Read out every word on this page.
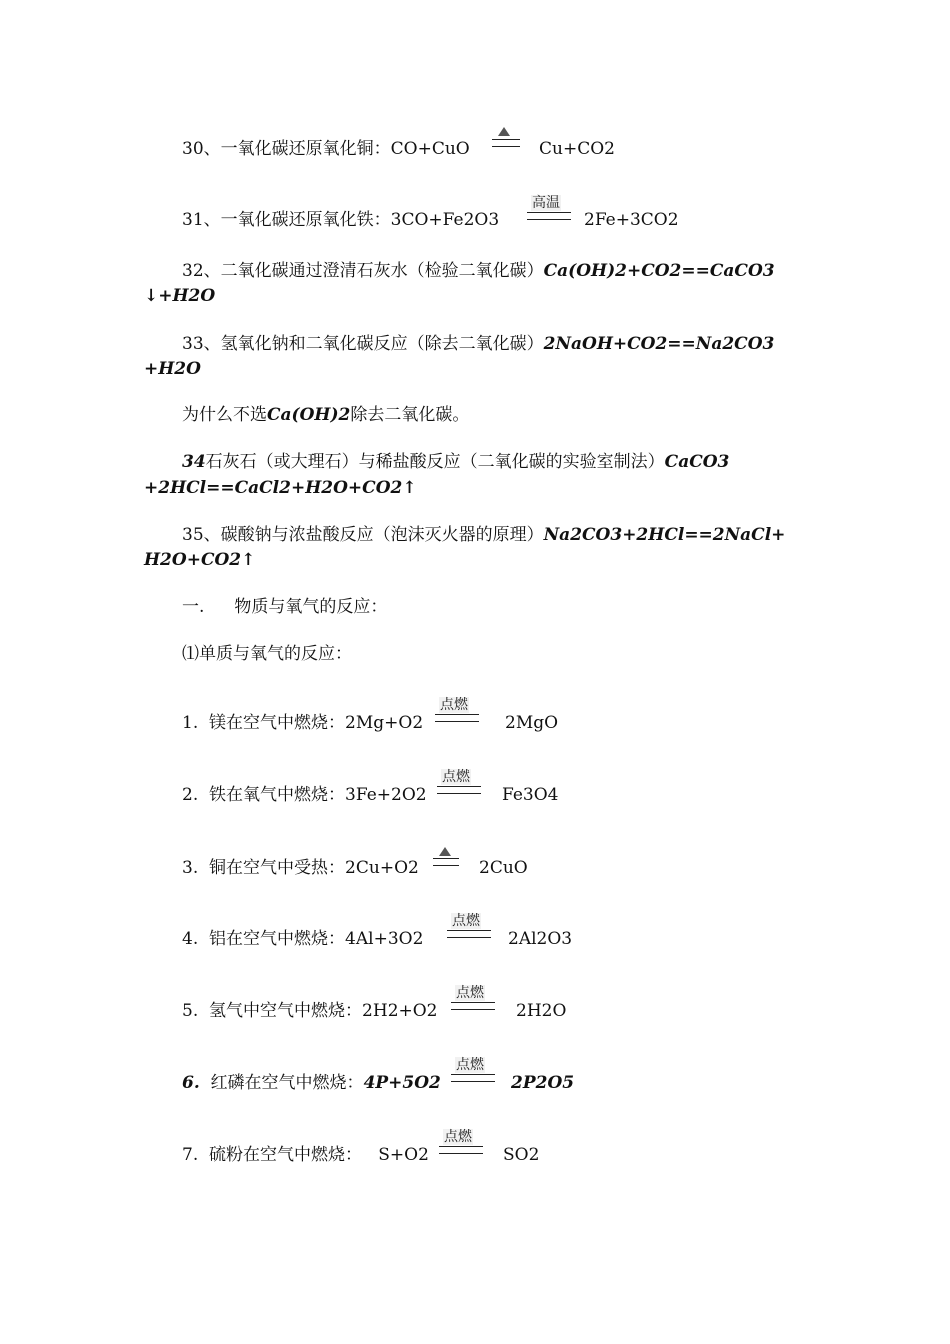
30、一氧化碳还原氧化铜：CO+CuO	Cu+CO2
31、一氧化碳还原氧化铁：3CO+Fe2O3
高温
2Fe+3CO2
32、二氧化碳通过澄清石灰水（检验二氧化碳）Ca(OH)2+CO2==CaCO3
↓+H2O
33、氢氧化钠和二氧化碳反应（除去二氧化碳）2NaOH+CO2==Na2CO3
+H2O
为什么不选Ca(OH)2除去二氧化碳。
34石灰石（或大理石）与稀盐酸反应（二氧化碳的实验室制法）CaCO3
+2HCl==CaCl2+H2O+CO2↑
35、碳酸钠与浓盐酸反应（泡沫灭火器的原理）Na2CO3+2HCl==2NaCl+
H2O+CO2↑
一. 物质与氧气的反应：
⑴单质与氧气的反应：
1. 镁在空气中燃烧：2Mg+O2
点燃
2MgO
2. 铁在氧气中燃烧：3Fe+2O2
点燃
Fe3O4
3. 铜在空气中受热：2Cu+O2	2CuO
4. 铝在空气中燃烧：4Al+3O2
点燃
2Al2O3
5. 氢气中空气中燃烧：2H2+O2
点燃
2H2O
6. 红磷在空气中燃烧：4P+5O2
点燃
2P2O5
7. 硫粉在空气中燃烧： S+O2
点燃
SO2
